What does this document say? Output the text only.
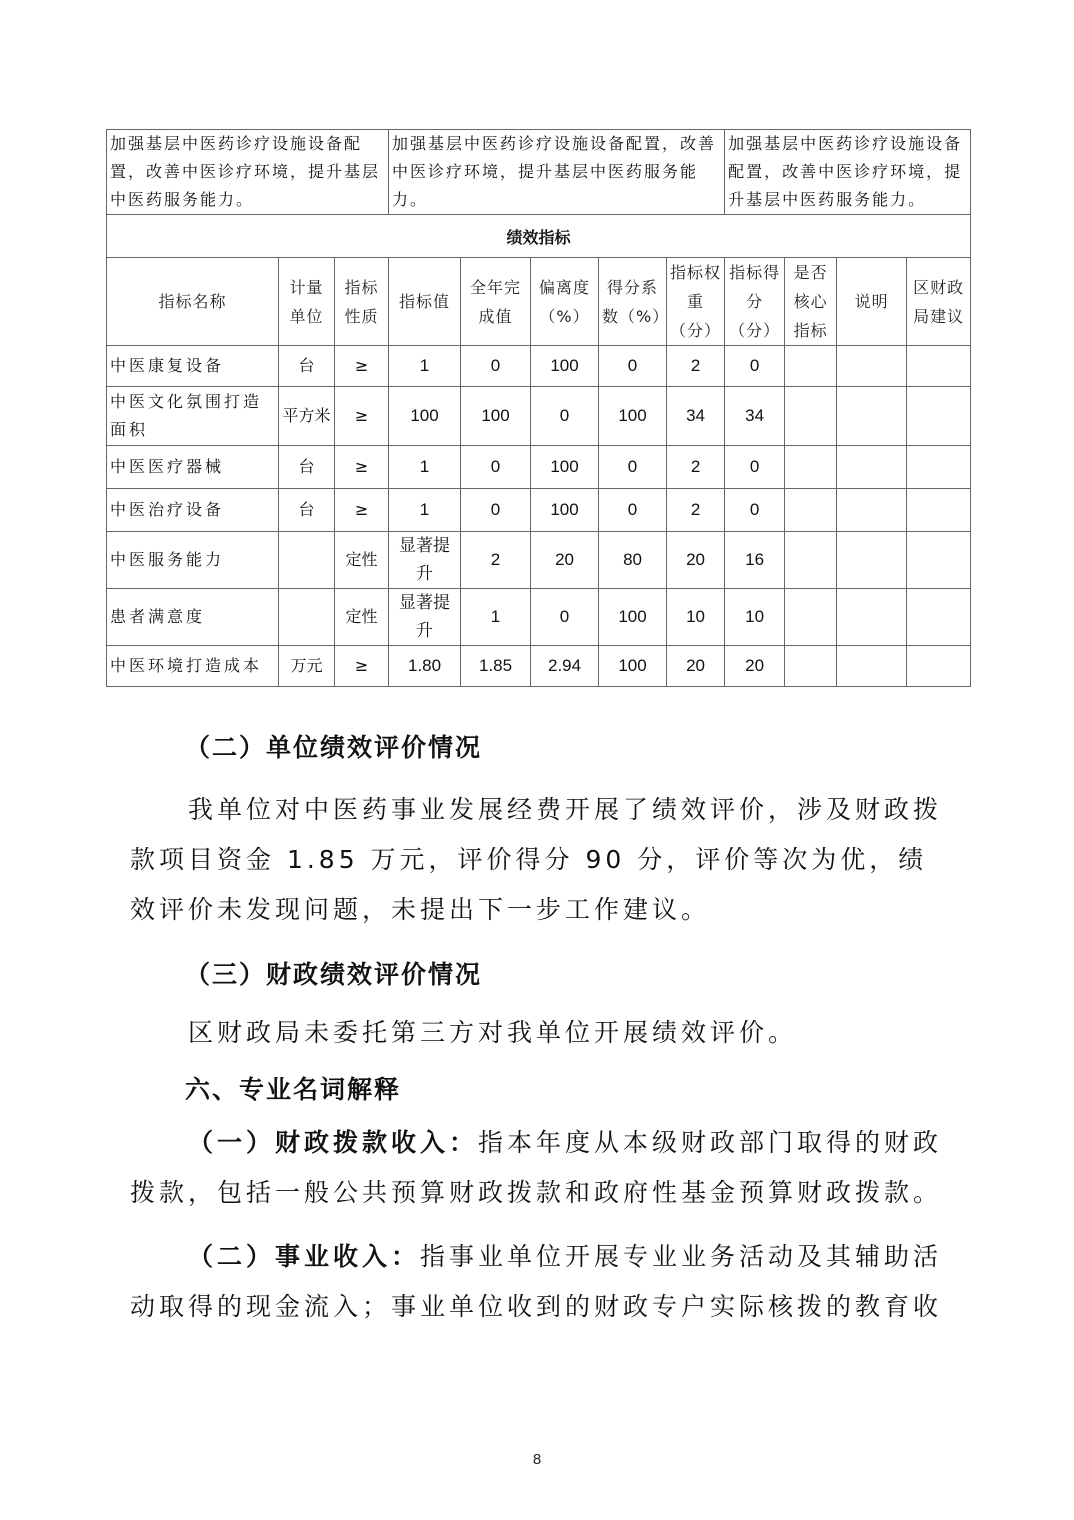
加强基层中医药诊疗设施设备配置，改善中医诊疗环境，提升基层中医药服务能力。			加强基层中医药诊疗设施设备配置，改善中医诊疗环境，提升基层中医药服务能力。					加强基层中医药诊疗设施设备配置，改善中医诊疗环境，提升基层中医药服务能力。			
绩效指标											
指标名称	计量单位	指标性质	指标值	全年完成值	偏离度（%）	得分系数（%）	指标权重（分）	指标得分（分）	是否核心指标	说明	区财政局建议
中医康复设备	台	≥	1	0	100	0	2	0			
中医文化氛围打造面积	平方米	≥	100	100	0	100	34	34			
中医医疗器械	台	≥	1	0	100	0	2	0			
中医治疗设备	台	≥	1	0	100	0	2	0			
中医服务能力		定性	显著提升	2	20	80	20	16			
患者满意度		定性	显著提升	1	0	100	10	10			
中医环境打造成本	万元	≥	1.80	1.85	2.94	100	20	20			
（二）单位绩效评价情况
我单位对中医药事业发展经费开展了绩效评价，涉及财政拨款项目资金 1.85 万元，评价得分 90 分，评价等次为优，绩效评价未发现问题，未提出下一步工作建议。
（三）财政绩效评价情况
区财政局未委托第三方对我单位开展绩效评价。
六、专业名词解释
（一）财政拨款收入：指本年度从本级财政部门取得的财政拨款，包括一般公共预算财政拨款和政府性基金预算财政拨款。
（二）事业收入：指事业单位开展专业业务活动及其辅助活动取得的现金流入；事业单位收到的财政专户实际核拨的教育收
8
